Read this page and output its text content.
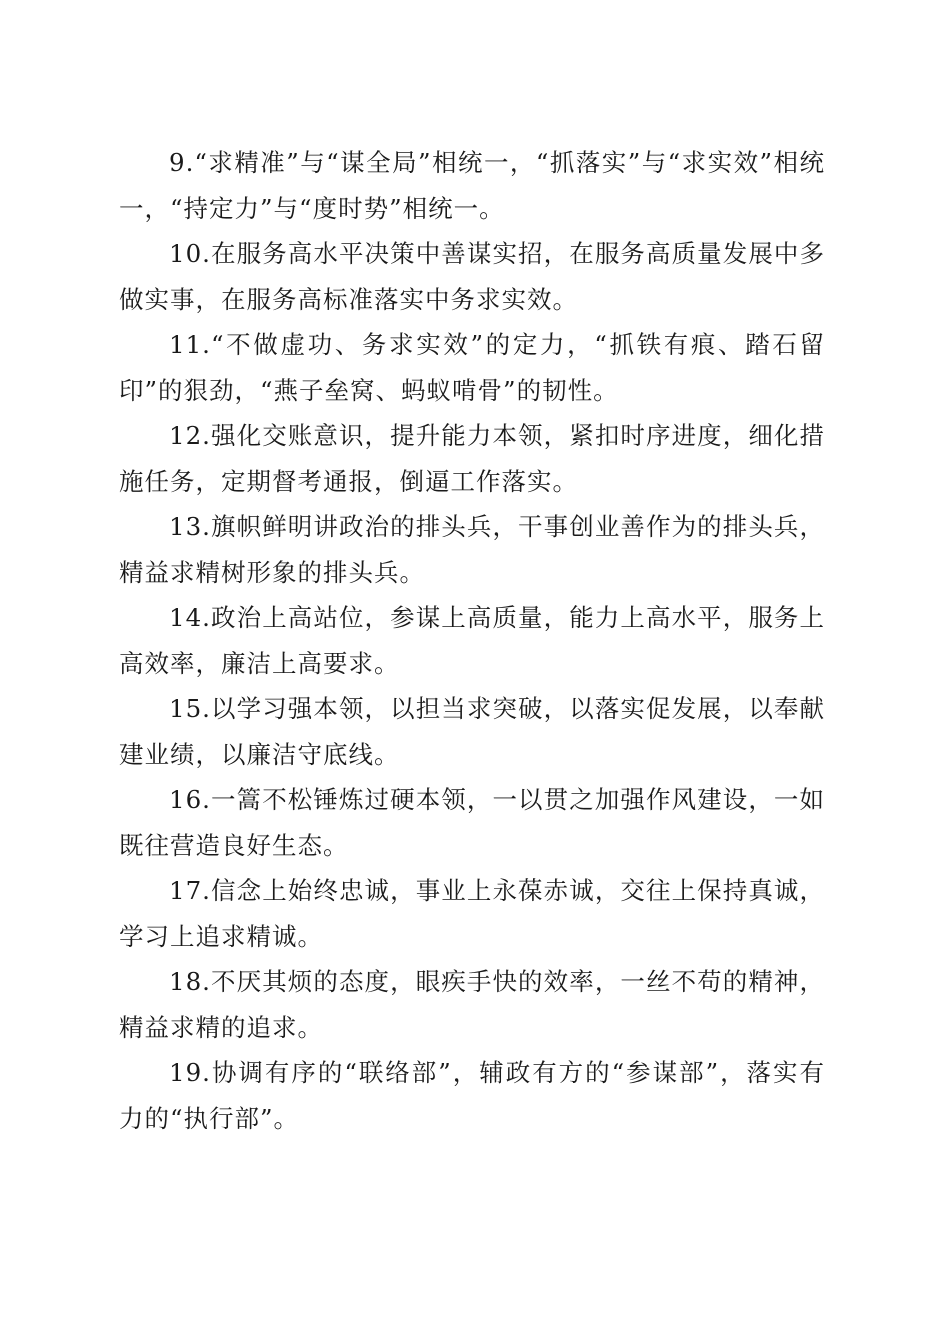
9.“求精准”与“谋全局”相统一，“抓落实”与“求实效”相统一，“持定力”与“度时势”相统一。

10.在服务高水平决策中善谋实招，在服务高质量发展中多做实事，在服务高标准落实中务求实效。

11.“不做虚功、务求实效”的定力，“抓铁有痕、踏石留印”的狠劲，“燕子垒窝、蚂蚁啃骨”的韧性。

12.强化交账意识，提升能力本领，紧扣时序进度，细化措施任务，定期督考通报，倒逼工作落实。

13.旗帜鲜明讲政治的排头兵，干事创业善作为的排头兵，精益求精树形象的排头兵。

14.政治上高站位，参谋上高质量，能力上高水平，服务上高效率，廉洁上高要求。

15.以学习强本领，以担当求突破，以落实促发展，以奉献建业绩，以廉洁守底线。

16.一篙不松锤炼过硬本领，一以贯之加强作风建设，一如既往营造良好生态。

17.信念上始终忠诚，事业上永葆赤诚，交往上保持真诚，学习上追求精诚。

18.不厌其烦的态度，眼疾手快的效率，一丝不苟的精神，精益求精的追求。

19.协调有序的“联络部”，辅政有方的“参谋部”，落实有力的“执行部”。
